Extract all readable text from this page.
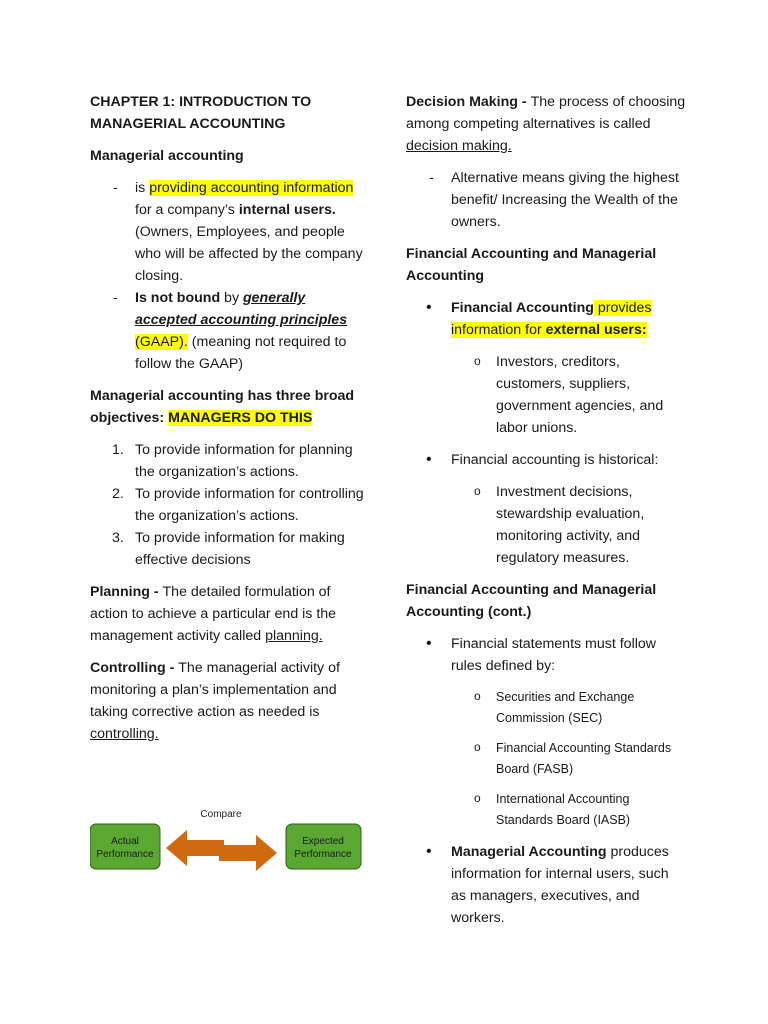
CHAPTER 1: INTRODUCTION TO MANAGERIAL ACCOUNTING

Managerial accounting

- is providing accounting information for a company’s internal users. (Owners, Employees, and people who will be affected by the company closing.
- Is not bound by generally accepted accounting principles (GAAP). (meaning not required to follow the GAAP)

Managerial accounting has three broad objectives: MANAGERS DO THIS

1. To provide information for planning the organization’s actions.
2. To provide information for controlling the organization’s actions.
3. To provide information for making effective decisions

Planning - The detailed formulation of action to achieve a particular end is the management activity called planning.

Controlling - The managerial activity of monitoring a plan’s implementation and taking corrective action as needed is controlling.

Compare
Actual
Performance
Expected
Performance

Decision Making - The process of choosing among competing alternatives is called decision making.

- Alternative means giving the highest benefit/ Increasing the Wealth of the owners.

Financial Accounting and Managerial Accounting

• Financial Accounting provides information for external users:
o Investors, creditors, customers, suppliers, government agencies, and labor unions.
• Financial accounting is historical:
o Investment decisions, stewardship evaluation, monitoring activity, and regulatory measures.

Financial Accounting and Managerial Accounting (cont.)

• Financial statements must follow rules defined by:
o Securities and Exchange Commission (SEC)
o Financial Accounting Standards Board (FASB)
o International Accounting Standards Board (IASB)
• Managerial Accounting produces information for internal users, such as managers, executives, and workers.
